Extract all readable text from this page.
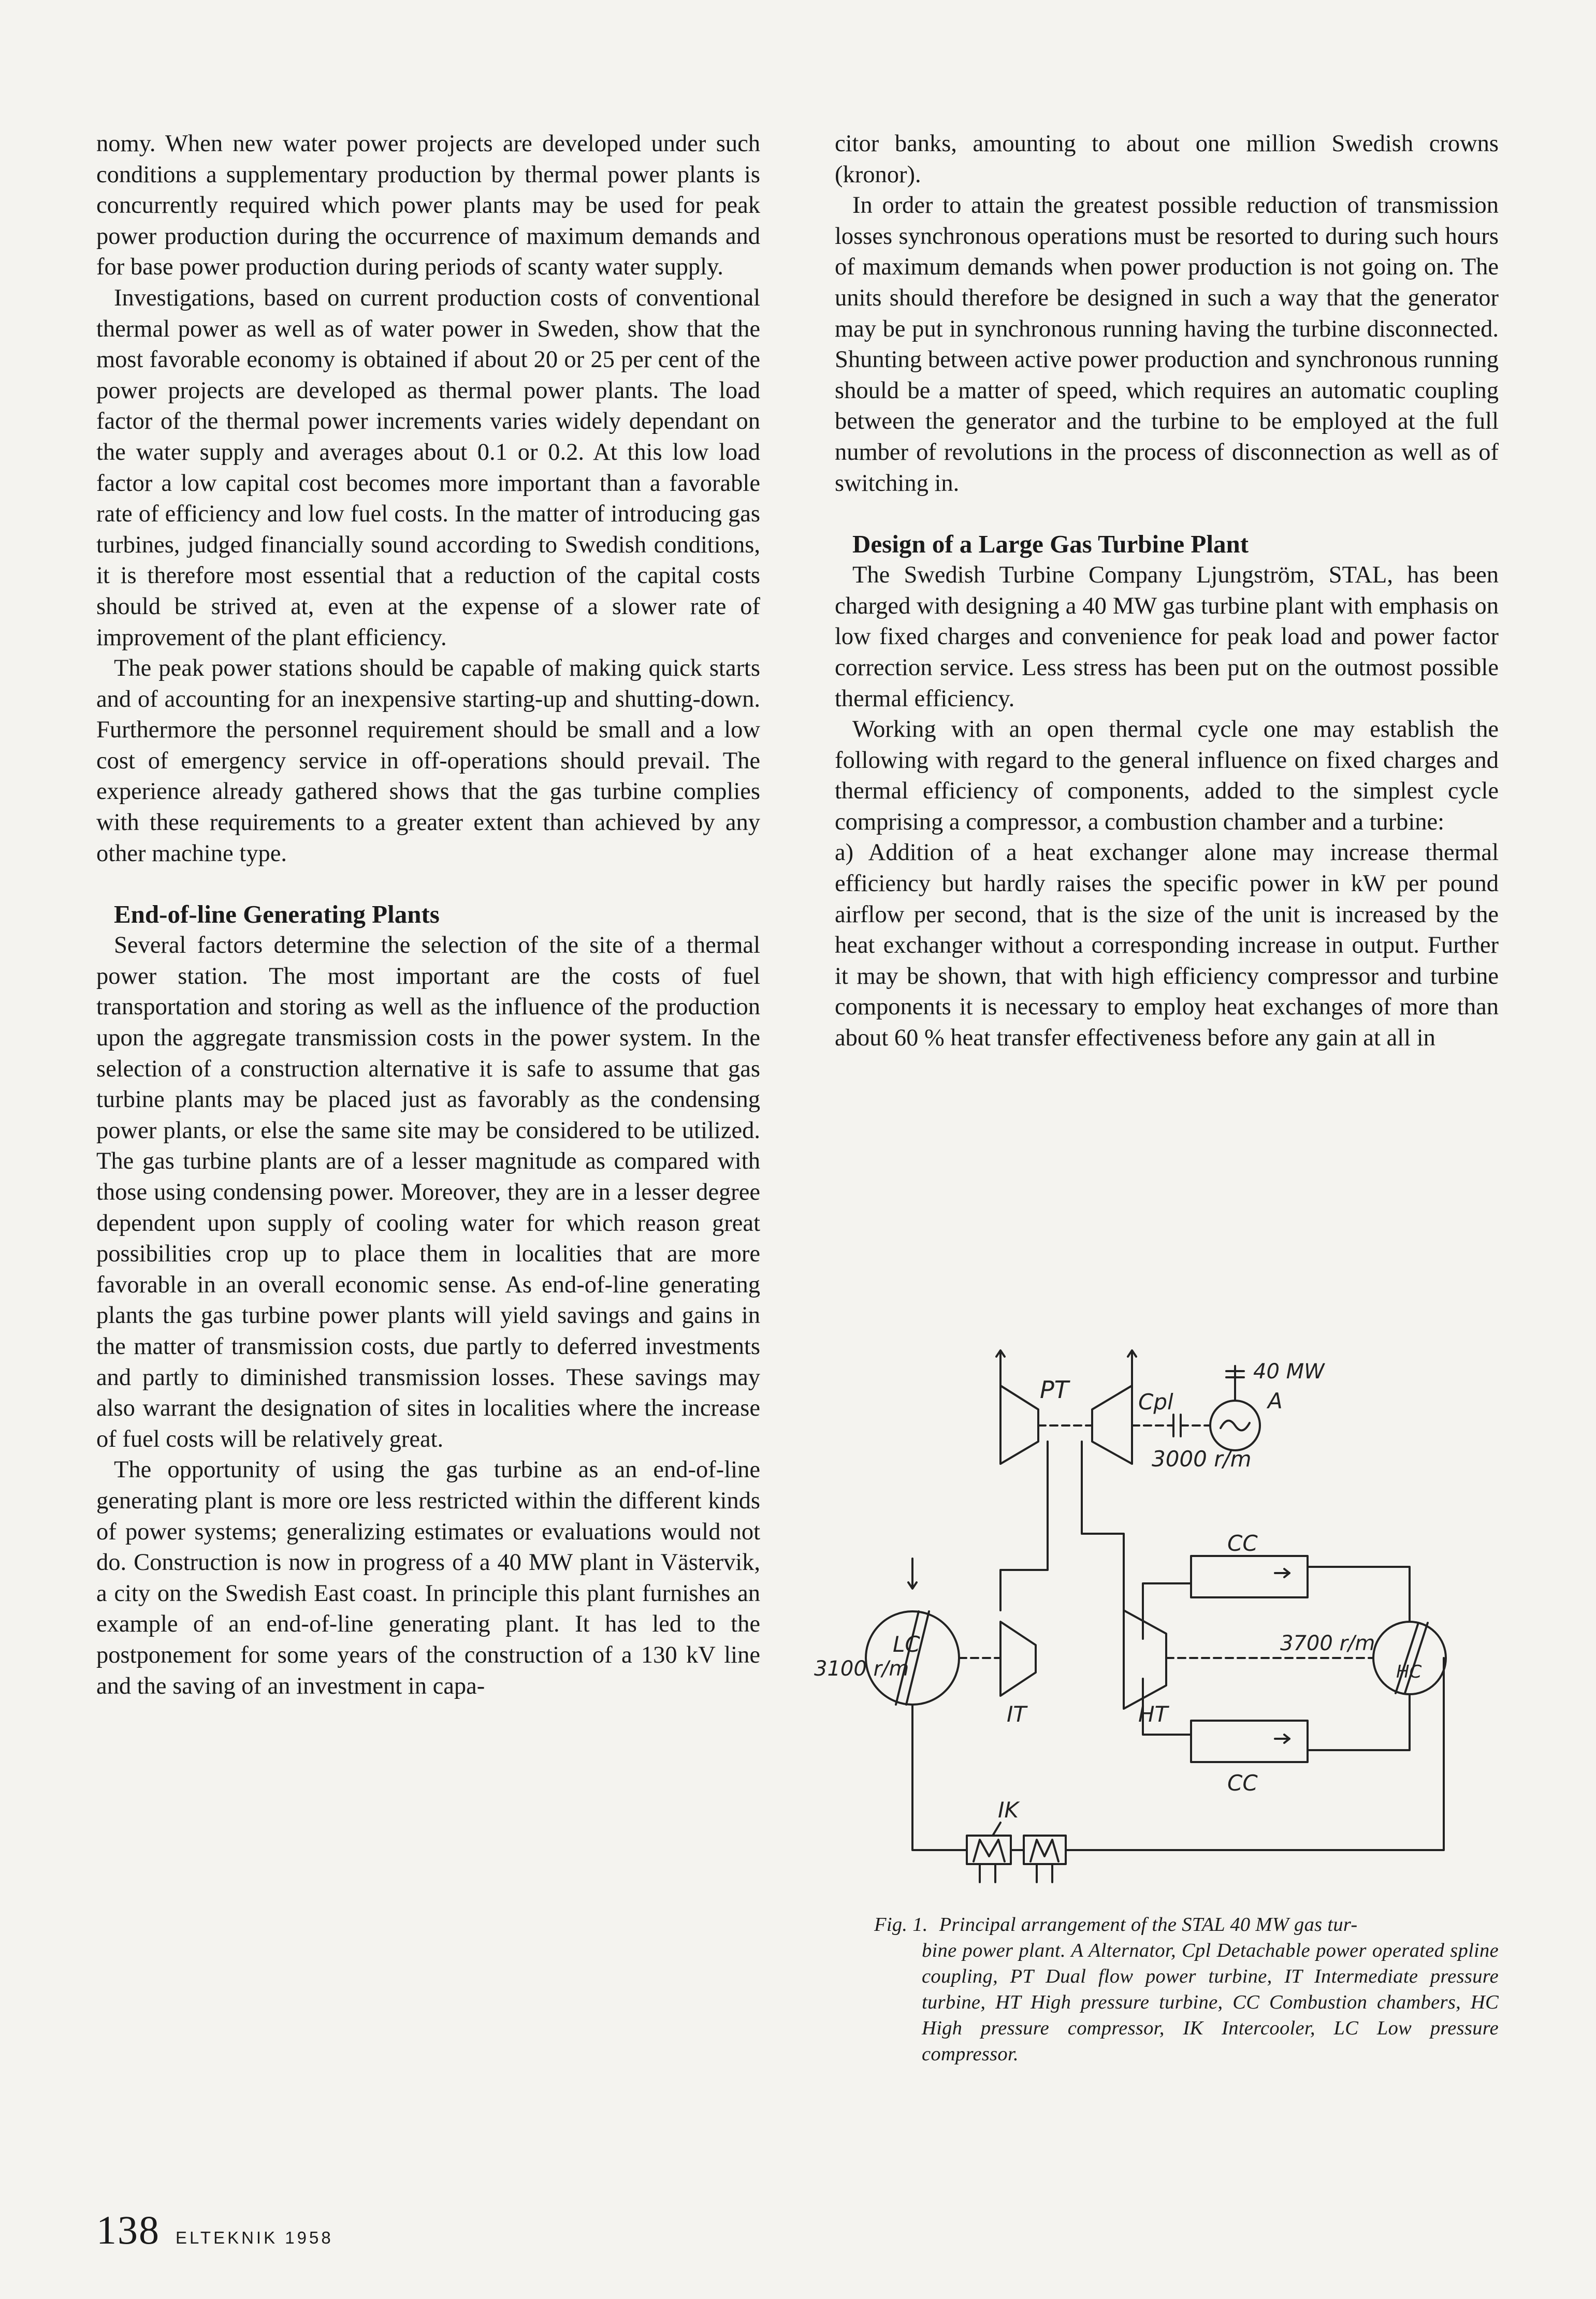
nomy. When new water power projects are developed under such conditions a supplementary production by thermal power plants is concurrently required which power plants may be used for peak power production during the occurrence of maximum demands and for base power production during periods of scanty water supply.

Investigations, based on current production costs of conventional thermal power as well as of water power in Sweden, show that the most favorable economy is obtained if about 20 or 25 per cent of the power projects are developed as thermal power plants. The load factor of the thermal power increments varies widely dependant on the water supply and averages about 0.1 or 0.2. At this low load factor a low capital cost becomes more important than a favorable rate of efficiency and low fuel costs. In the matter of introducing gas turbines, judged financially sound according to Swedish conditions, it is therefore most essential that a reduction of the capital costs should be strived at, even at the expense of a slower rate of improvement of the plant efficiency.

The peak power stations should be capable of making quick starts and of accounting for an inexpensive starting-up and shutting-down. Furthermore the personnel requirement should be small and a low cost of emergency service in off-operations should prevail. The experience already gathered shows that the gas turbine complies with these requirements to a greater extent than achieved by any other machine type.

End-of-line Generating Plants

Several factors determine the selection of the site of a thermal power station. The most important are the costs of fuel transportation and storing as well as the influence of the production upon the aggregate transmission costs in the power system. In the selection of a construction alternative it is safe to assume that gas turbine plants may be placed just as favorably as the condensing power plants, or else the same site may be considered to be utilized. The gas turbine plants are of a lesser magnitude as compared with those using condensing power. Moreover, they are in a lesser degree dependent upon supply of cooling water for which reason great possibilities crop up to place them in localities that are more favorable in an overall economic sense. As end-of-line generating plants the gas turbine power plants will yield savings and gains in the matter of transmission costs, due partly to deferred investments and partly to diminished transmission losses. These savings may also warrant the designation of sites in localities where the increase of fuel costs will be relatively great.

The opportunity of using the gas turbine as an end-of-line generating plant is more ore less restricted within the different kinds of power systems; generalizing estimates or evaluations would not do. Construction is now in progress of a 40 MW plant in Västervik, a city on the Swedish East coast. In principle this plant furnishes an example of an end-of-line generating plant. It has led to the postponement for some years of the construction of a 130 kV line and the saving of an investment in capa-

citor banks, amounting to about one million Swedish crowns (kronor).

In order to attain the greatest possible reduction of transmission losses synchronous operations must be resorted to during such hours of maximum demands when power production is not going on. The units should therefore be designed in such a way that the generator may be put in synchronous running having the turbine disconnected. Shunting between active power production and synchronous running should be a matter of speed, which requires an automatic coupling between the generator and the turbine to be employed at the full number of revolutions in the process of disconnection as well as of switching in.

Design of a Large Gas Turbine Plant

The Swedish Turbine Company Ljungström, STAL, has been charged with designing a 40 MW gas turbine plant with emphasis on low fixed charges and convenience for peak load and power factor correction service. Less stress has been put on the outmost possible thermal efficiency.

Working with an open thermal cycle one may establish the following with regard to the general influence on fixed charges and thermal efficiency of components, added to the simplest cycle comprising a compressor, a combustion chamber and a turbine:

a) Addition of a heat exchanger alone may increase thermal efficiency but hardly raises the specific power in kW per pound airflow per second, that is the size of the unit is increased by the heat exchanger without a corresponding increase in output. Further it may be shown, that with high efficiency compressor and turbine components it is necessary to employ heat exchanges of more than about 60 % heat transfer effectiveness before any gain at all in

PT	Cpl
40 MW
A
3000 r/m
CC
CC
LC
3100 r/m
3700 r/m
HC
IT	HT
IK
Fig. 1. Principal arrangement of the STAL 40 MW gas tur-
bine power plant. A Alternator, Cpl Detachable power operated spline coupling, PT Dual flow power turbine, IT Intermediate pressure turbine, HT High pressure turbine, CC Combustion chambers, HC High pressure compressor, IK Intercooler, LC Low pressure compressor.
138 ELTEKNIK 1958
